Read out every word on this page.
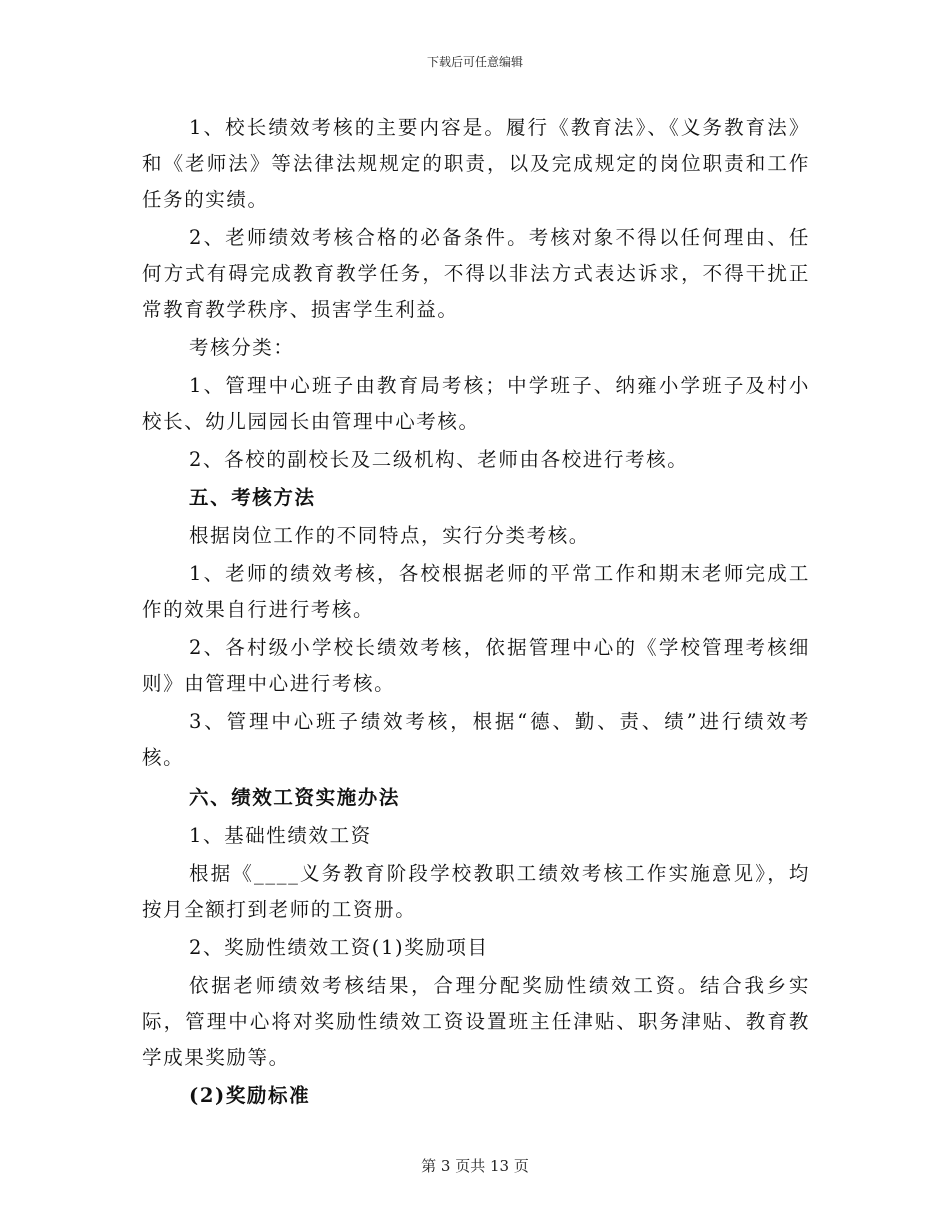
下载后可任意编辑

1、校长绩效考核的主要内容是。履行《教育法》、《义务教育法》和《老师法》等法律法规规定的职责，以及完成规定的岗位职责和工作任务的实绩。

2、老师绩效考核合格的必备条件。考核对象不得以任何理由、任何方式有碍完成教育教学任务，不得以非法方式表达诉求，不得干扰正常教育教学秩序、损害学生利益。

考核分类：

1、管理中心班子由教育局考核；中学班子、纳雍小学班子及村小校长、幼儿园园长由管理中心考核。

2、各校的副校长及二级机构、老师由各校进行考核。

五、考核方法

根据岗位工作的不同特点，实行分类考核。

1、老师的绩效考核，各校根据老师的平常工作和期末老师完成工作的效果自行进行考核。

2、各村级小学校长绩效考核，依据管理中心的《学校管理考核细则》由管理中心进行考核。

3、管理中心班子绩效考核，根据“德、勤、责、绩”进行绩效考核。

六、绩效工资实施办法

1、基础性绩效工资

根据《____义务教育阶段学校教职工绩效考核工作实施意见》，均按月全额打到老师的工资册。

2、奖励性绩效工资(1)奖励项目

依据老师绩效考核结果，合理分配奖励性绩效工资。结合我乡实际，管理中心将对奖励性绩效工资设置班主任津贴、职务津贴、教育教学成果奖励等。

(2)奖励标准

第 3 页共 13 页
